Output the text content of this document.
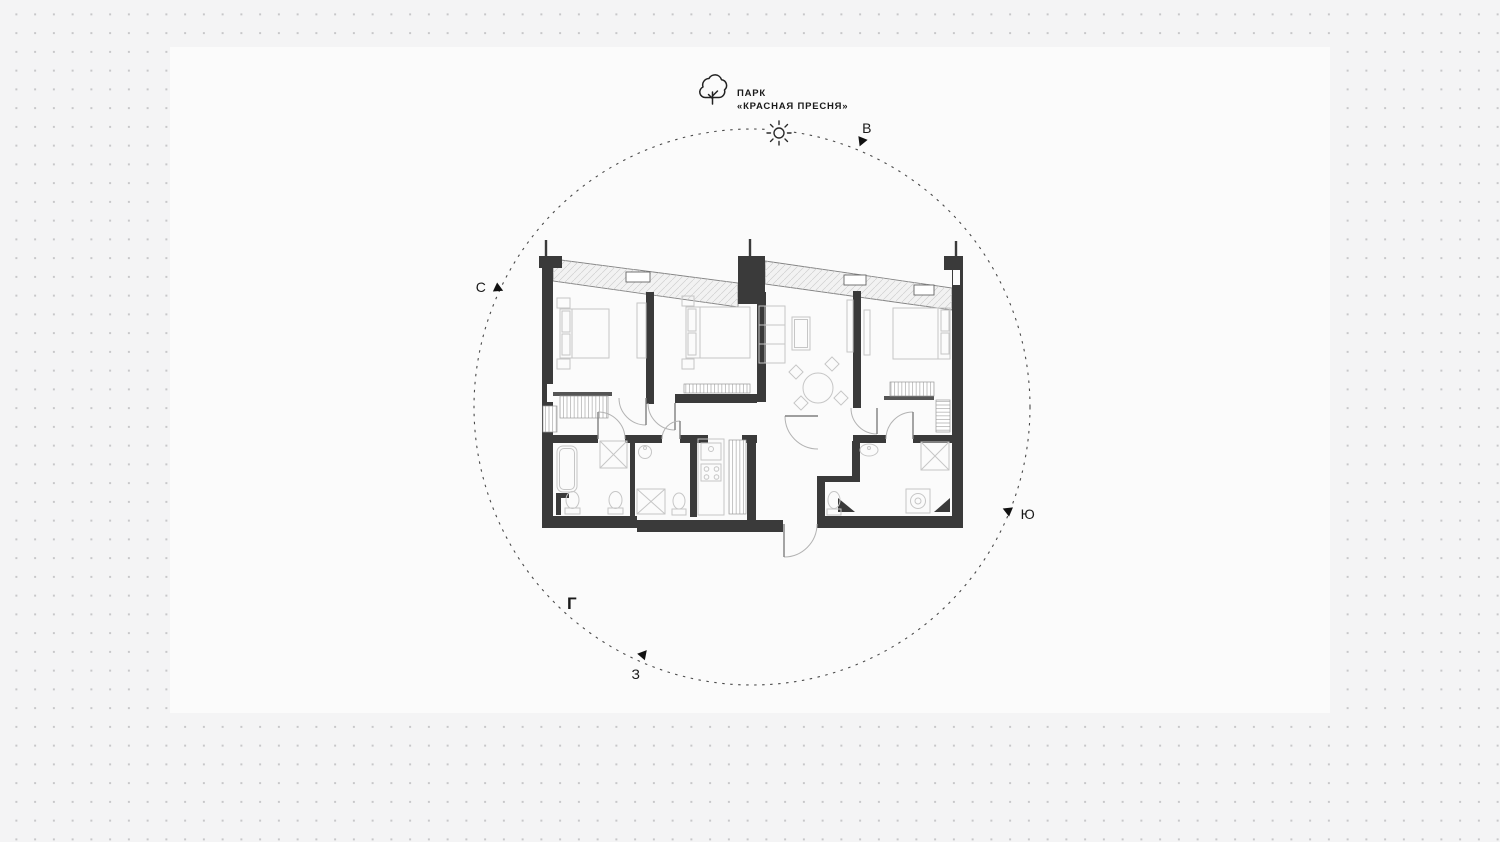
С
В
Ю
З
Г
ПАРК
«КРАСНАЯ ПРЕСНЯ»
